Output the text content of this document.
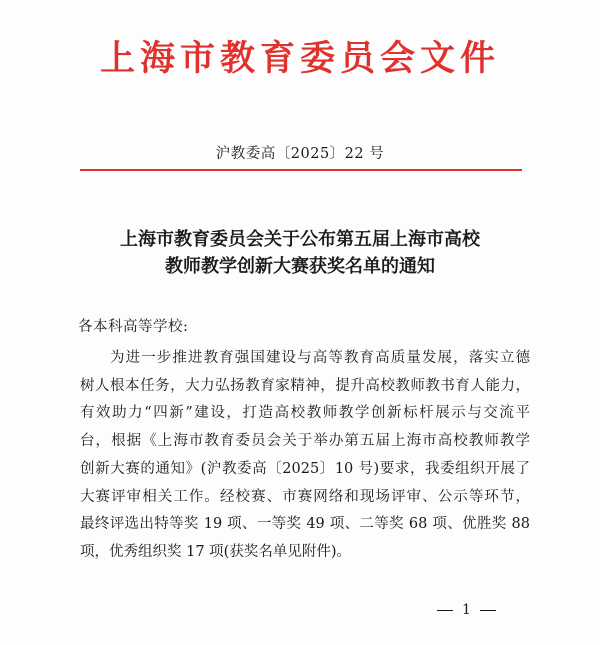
上海市教育委员会文件
沪教委高〔2025〕22 号
上海市教育委员会关于公布第五届上海市高校
教师教学创新大赛获奖名单的通知
各本科高等学校:
为进一步推进教育强国建设与高等教育高质量发展，落实立德
树人根本任务，大力弘扬教育家精神，提升高校教师教书育人能力，
有效助力“四新”建设，打造高校教师教学创新标杆展示与交流平
台，根据《上海市教育委员会关于举办第五届上海市高校教师教学
创新大赛的通知》(沪教委高〔2025〕10 号)要求，我委组织开展了
大赛评审相关工作。经校赛、市赛网络和现场评审、公示等环节，
最终评选出特等奖 19 项、一等奖 49 项、二等奖 68 项、优胜奖 88
项，优秀组织奖 17 项(获奖名单见附件)。
1
